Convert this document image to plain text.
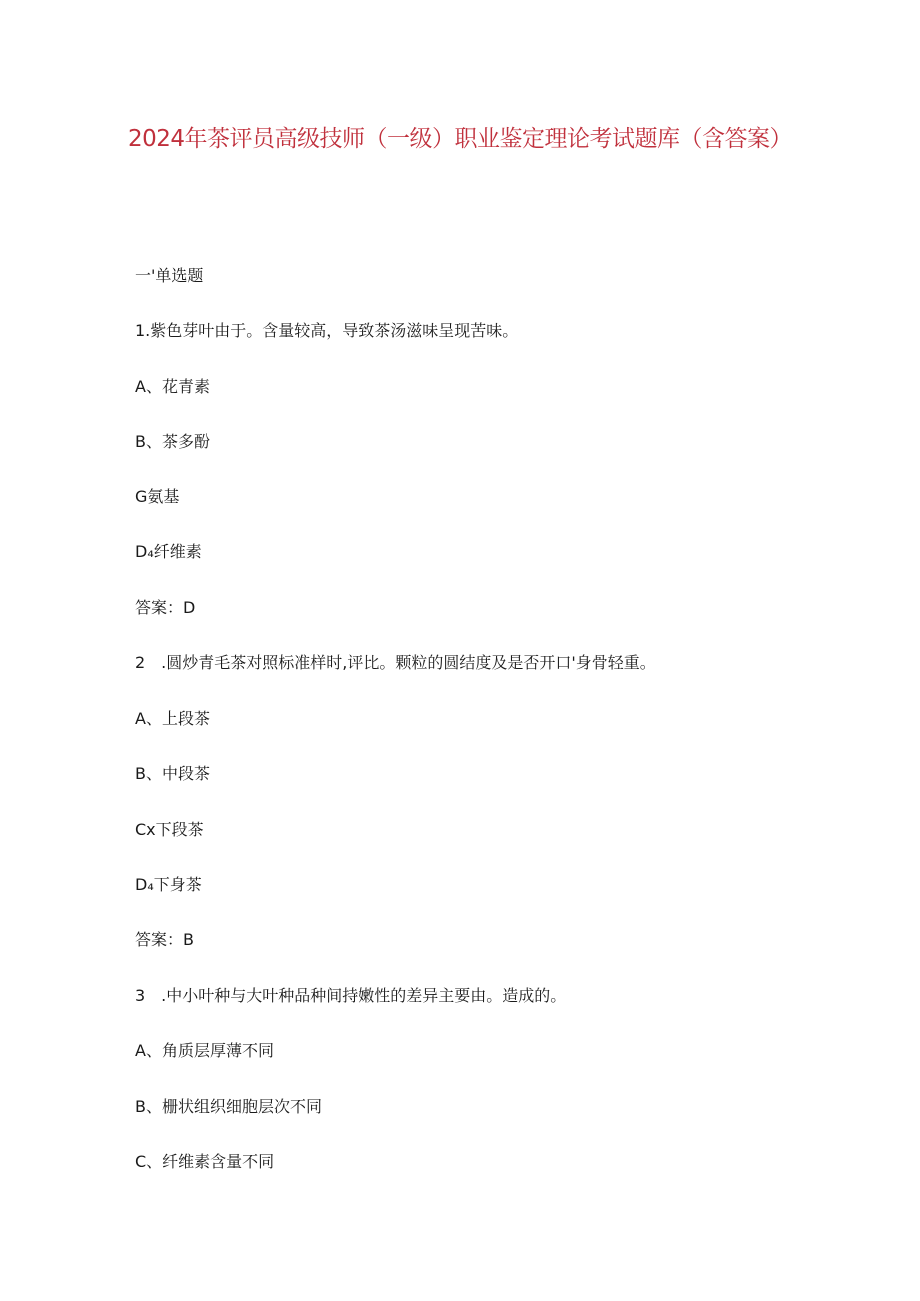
2024年茶评员高级技师（一级）职业鉴定理论考试题库（含答案）
一'单选题
1.紫色芽叶由于。含量较高，导致茶汤滋味呈现苦味。
A、花青素
B、茶多酚
G氨基
D₄纤维素
答案：D
2　.圆炒青毛茶对照标准样时,评比。颗粒的圆结度及是否开口'身骨轻重。
A、上段茶
B、中段茶
Cx下段茶
D₄下身茶
答案：B
3　.中小叶种与大叶种品种间持嫩性的差异主要由。造成的。
A、角质层厚薄不同
B、栅状组织细胞层次不同
C、纤维素含量不同
